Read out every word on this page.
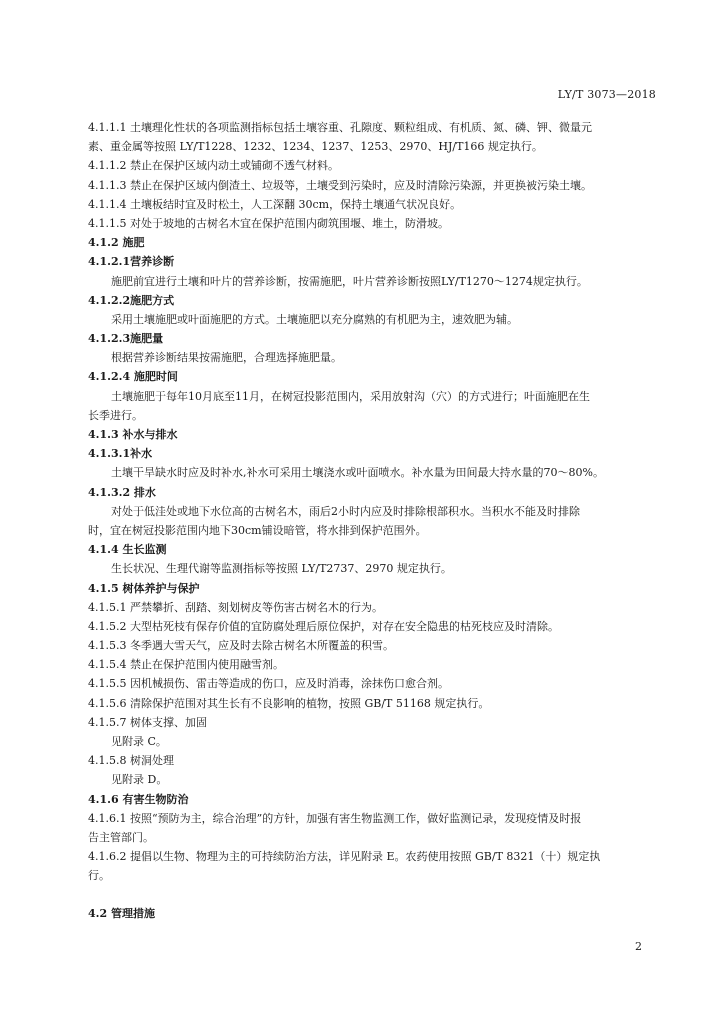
LY/T 3073—2018
4.1.1.1 土壤理化性状的各项监测指标包括土壤容重、孔隙度、颗粒组成、有机质、氮、磷、钾、微量元
素、重金属等按照 LY/T1228、1232、1234、1237、1253、2970、HJ/T166 规定执行。
4.1.1.2 禁止在保护区域内动土或铺砌不透气材料。
4.1.1.3 禁止在保护区域内倒渣土、垃圾等，土壤受到污染时，应及时清除污染源，并更换被污染土壤。
4.1.1.4 土壤板结时宜及时松土，人工深翻 30cm，保持土壤通气状况良好。
4.1.1.5 对处于坡地的古树名木宜在保护范围内砌筑围堰、堆土，防滑坡。
4.1.2 施肥
4.1.2.1营养诊断
施肥前宜进行土壤和叶片的营养诊断，按需施肥，叶片营养诊断按照LY/T1270～1274规定执行。
4.1.2.2施肥方式
采用土壤施肥或叶面施肥的方式。土壤施肥以充分腐熟的有机肥为主，速效肥为辅。
4.1.2.3施肥量
根据营养诊断结果按需施肥，合理选择施肥量。
4.1.2.4 施肥时间
土壤施肥于每年10月底至11月，在树冠投影范围内，采用放射沟（穴）的方式进行；叶面施肥在生
长季进行。
4.1.3 补水与排水
4.1.3.1补水
土壤干旱缺水时应及时补水,补水可采用土壤浇水或叶面喷水。补水量为田间最大持水量的70～80%。
4.1.3.2 排水
对处于低洼处或地下水位高的古树名木，雨后2小时内应及时排除根部积水。当积水不能及时排除
时，宜在树冠投影范围内地下30cm铺设暗管，将水排到保护范围外。
4.1.4 生长监测
生长状况、生理代谢等监测指标等按照 LY/T2737、2970 规定执行。
4.1.5 树体养护与保护
4.1.5.1 严禁攀折、刮踏、刻划树皮等伤害古树名木的行为。
4.1.5.2 大型枯死枝有保存价值的宜防腐处理后原位保护，对存在安全隐患的枯死枝应及时清除。
4.1.5.3 冬季遇大雪天气，应及时去除古树名木所覆盖的积雪。
4.1.5.4 禁止在保护范围内使用融雪剂。
4.1.5.5 因机械损伤、雷击等造成的伤口，应及时消毒，涂抹伤口愈合剂。
4.1.5.6 清除保护范围对其生长有不良影响的植物，按照 GB/T 51168 规定执行。
4.1.5.7 树体支撑、加固
见附录 C。
4.1.5.8 树洞处理
见附录 D。
4.1.6 有害生物防治
4.1.6.1 按照“预防为主，综合治理”的方针，加强有害生物监测工作，做好监测记录，发现疫情及时报
告主管部门。
4.1.6.2 提倡以生物、物理为主的可持续防治方法，详见附录 E。农药使用按照 GB/T 8321（十）规定执
行。
4.2 管理措施
2
